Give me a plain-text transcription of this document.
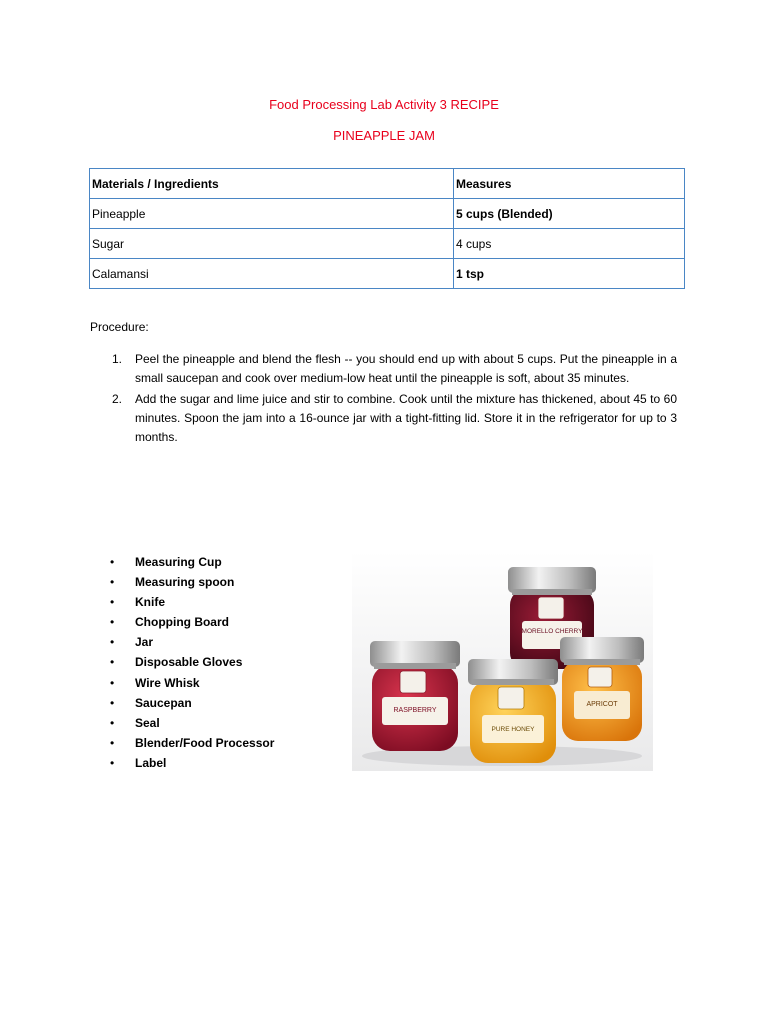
Food Processing Lab Activity 3 RECIPE
PINEAPPLE JAM
Materials / Ingredients	Measures
Pineapple	5 cups (Blended)
Sugar	4 cups
Calamansi	1 tsp
Procedure:
1. Peel the pineapple and blend the flesh -- you should end up with about 5 cups. Put the pineapple in a small saucepan and cook over medium-low heat until the pineapple is soft, about 35 minutes.
2. Add the sugar and lime juice and stir to combine. Cook until the mixture has thickened, about 45 to 60 minutes. Spoon the jam into a 16-ounce jar with a tight-fitting lid. Store it in the refrigerator for up to 3 months.
• Measuring Cup
• Measuring spoon
• Knife
• Chopping Board
• Jar
• Disposable Gloves
• Wire Whisk
• Saucepan
• Seal
• Blender/Food Processor
• Label
MORELLO CHERRY
APRICOT
RASPBERRY
PURE HONEY
